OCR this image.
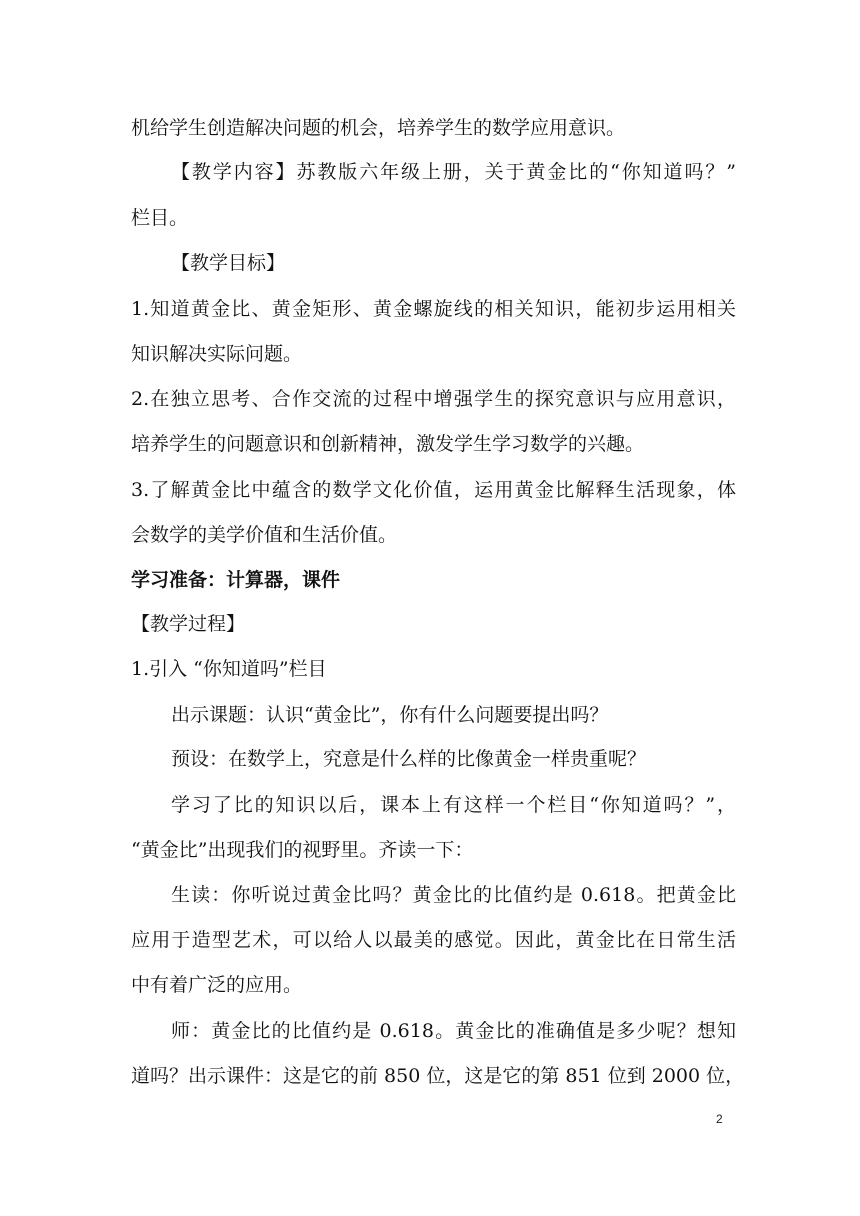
机给学生创造解决问题的机会，培养学生的数学应用意识。
【教学内容】苏教版六年级上册，关于黄金比的“你知道吗？”
栏目。
【教学目标】
1.知道黄金比、黄金矩形、黄金螺旋线的相关知识，能初步运用相关
知识解决实际问题。
2.在独立思考、合作交流的过程中增强学生的探究意识与应用意识，
培养学生的问题意识和创新精神，激发学生学习数学的兴趣。
3.了解黄金比中蕴含的数学文化价值，运用黄金比解释生活现象，体
会数学的美学价值和生活价值。
学习准备：计算器，课件
【教学过程】
1.引入 “你知道吗”栏目
出示课题：认识“黄金比”，你有什么问题要提出吗？
预设：在数学上，究意是什么样的比像黄金一样贵重呢？
学习了比的知识以后，课本上有这样一个栏目“你知道吗？”，
“黄金比”出现我们的视野里。齐读一下：
生读：你听说过黄金比吗？黄金比的比值约是 0.618。把黄金比
应用于造型艺术，可以给人以最美的感觉。因此，黄金比在日常生活
中有着广泛的应用。
师：黄金比的比值约是 0.618。黄金比的准确值是多少呢？想知
道吗？出示课件：这是它的前 850 位，这是它的第 851 位到 2000 位，
2
